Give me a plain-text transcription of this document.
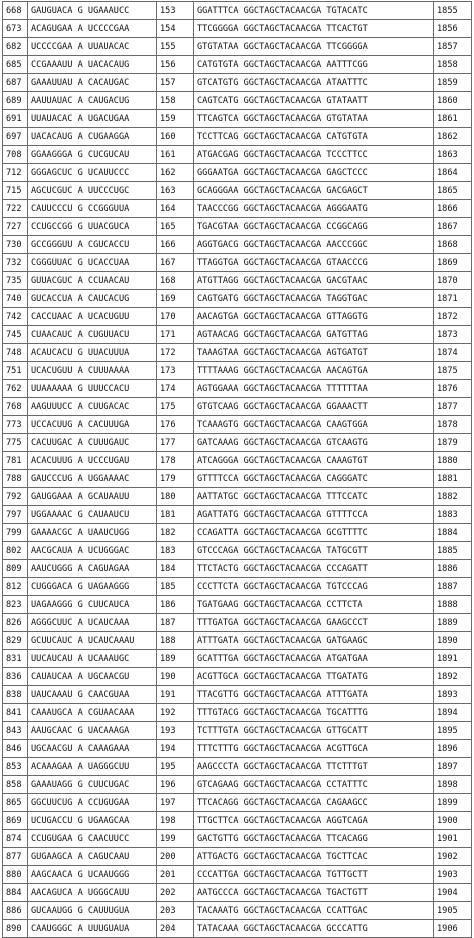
668	GAUGUACA G UGAAAUCC	153	GGATTTCA GGCTAGCTACAACGA TGTACATC	1855
673	ACAGUGAA A UCCCCGAA	154	TTCGGGGA GGCTAGCTACAACGA TTCACTGT	1856
682	UCCCCGAA A UUAUACAC	155	GTGTATAA GGCTAGCTACAACGA TTCGGGGA	1857
685	CCGAAAUU A UACACAUG	156	CATGTGTA GGCTAGCTACAACGA AATTTCGG	1858
687	GAAAUUAU A CACAUGAC	157	GTCATGTG GGCTAGCTACAACGA ATAATTTC	1859
689	AAUUAUAC A CAUGACUG	158	CAGTCATG GGCTAGCTACAACGA GTATAATT	1860
691	UUAUACAC A UGACUGAA	159	TTCAGTCA GGCTAGCTACAACGA GTGTATAA	1861
697	UACACAUG A CUGAAGGA	160	TCCTTCAG GGCTAGCTACAACGA CATGTGTA	1862
708	GGAAGGGA G CUCGUCAU	161	ATGACGAG GGCTAGCTACAACGA TCCCTTCC	1863
712	GGGAGCUC G UCAUUCCC	162	GGGAATGA GGCTAGCTACAACGA GAGCTCCC	1864
715	AGCUCGUC A UUCCCUGC	163	GCAGGGAA GGCTAGCTACAACGA GACGAGCT	1865
722	CAUUCCCU G CCGGGUUA	164	TAACCCGG GGCTAGCTACAACGA AGGGAATG	1866
727	CCUGCCGG G UUACGUCA	165	TGACGTAA GGCTAGCTACAACGA CCGGCAGG	1867
730	GCCGGGUU A CGUCACCU	166	AGGTGACG GGCTAGCTACAACGA AACCCGGC	1868
732	CGGGUUAC G UCACCUAA	167	TTAGGTGA GGCTAGCTACAACGA GTAACCCG	1869
735	GUUACGUC A CCUAACAU	168	ATGTTAGG GGCTAGCTACAACGA GACGTAAC	1870
740	GUCACCUA A CAUCACUG	169	CAGTGATG GGCTAGCTACAACGA TAGGTGAC	1871
742	CACCUAAC A UCACUGUU	170	AACAGTGA GGCTAGCTACAACGA GTTAGGTG	1872
745	CUAACAUC A CUGUUACU	171	AGTAACAG GGCTAGCTACAACGA GATGTTAG	1873
748	ACAUCACU G UUACUUUA	172	TAAAGTAA GGCTAGCTACAACGA AGTGATGT	1874
751	UCACUGUU A CUUUAAAA	173	TTTTAAAG GGCTAGCTACAACGA AACAGTGA	1875
762	UUAAAAAA G UUUCCACU	174	AGTGGAAA GGCTAGCTACAACGA TTTTTTAA	1876
768	AAGUUUCC A CUUGACAC	175	GTGTCAAG GGCTAGCTACAACGA GGAAACTT	1877
773	UCCACUUG A CACUUUGA	176	TCAAAGTG GGCTAGCTACAACGA CAAGTGGA	1878
775	CACUUGAC A CUUUGAUC	177	GATCAAAG GGCTAGCTACAACGA GTCAAGTG	1879
781	ACACUUUG A UCCCUGAU	178	ATCAGGGA GGCTAGCTACAACGA CAAAGTGT	1880
788	GAUCCCUG A UGGAAAAC	179	GTTTTCCA GGCTAGCTACAACGA CAGGGATC	1881
792	GAUGGAAA A GCAUAAUU	180	AATTATGC GGCTAGCTACAACGA TTTCCATC	1882
797	UGGAAAAC G CAUAAUCU	181	AGATTATG GGCTAGCTACAACGA GTTTTCCA	1883
799	GAAAACGC A UAAUCUGG	182	CCAGATTA GGCTAGCTACAACGA GCGTTTTC	1884
802	AACGCAUA A UCUGGGAC	183	GTCCCAGA GGCTAGCTACAACGA TATGCGTT	1885
809	AAUCUGGG A CAGUAGAA	184	TTCTACTG GGCTAGCTACAACGA CCCAGATT	1886
812	CUGGGACA G UAGAAGGG	185	CCCTTCTA GGCTAGCTACAACGA TGTCCCAG	1887
823	UAGAAGGG G CUUCAUCA	186	TGATGAAG GGCTAGCTACAACGA CCTTCTA	1888
826	AGGGCUUC A UCAUCAAA	187	TTTGATGA GGCTAGCTACAACGA GAAGCCCT	1889
829	GCUUCAUC A UCAUCAAAU	188	ATTTGATA GGCTAGCTACAACGA GATGAAGC	1890
831	UUCAUCAU A UCAAAUGC	189	GCATTTGA GGCTAGCTACAACGA ATGATGAA	1891
836	CAUAUCAA A UGCAACGU	190	ACGTTGCA GGCTAGCTACAACGA TTGATATG	1892
838	UAUCAAAU G CAACGUAA	191	TTACGTTG GGCTAGCTACAACGA ATTTGATA	1893
841	CAAAUGCA A CGUAACAAA	192	TTTGTACG GGCTAGCTACAACGA TGCATTTG	1894
843	AAUGCAAC G UACAAAGA	193	TCTTTGTA GGCTAGCTACAACGA GTTGCATT	1895
846	UGCAACGU A CAAAGAAA	194	TTTCTTTG GGCTAGCTACAACGA ACGTTGCA	1896
853	ACAAAGAA A UAGGGCUU	195	AAGCCCTA GGCTAGCTACAACGA TTCTTTGT	1897
858	GAAAUAGG G CUUCUGAC	196	GTCAGAAG GGCTAGCTACAACGA CCTATTTC	1898
865	GGCUUCUG A CCUGUGAA	197	TTCACAGG GGCTAGCTACAACGA CAGAAGCC	1899
869	UCUGACCU G UGAAGCAA	198	TTGCTTCA GGCTAGCTACAACGA AGGTCAGA	1900
874	CCUGUGAA G CAACUUCC	199	GACTGTTG GGCTAGCTACAACGA TTCACAGG	1901
877	GUGAAGCA A CAGUCAAU	200	ATTGACTG GGCTAGCTACAACGA TGCTTCAC	1902
880	AAGCAACA G UCAAUGGG	201	CCCATTGA GGCTAGCTACAACGA TGTTGCTT	1903
884	AACAGUCA A UGGGCAUU	202	AATGCCCA GGCTAGCTACAACGA TGACTGTT	1904
886	GUCAAUGG G CAUUUGUA	203	TACAAATG GGCTAGCTACAACGA CCATTGAC	1905
890	CAAUGGGC A UUUGUAUA	204	TATACAAA GGCTAGCTACAACGA GCCCATTG	1906
